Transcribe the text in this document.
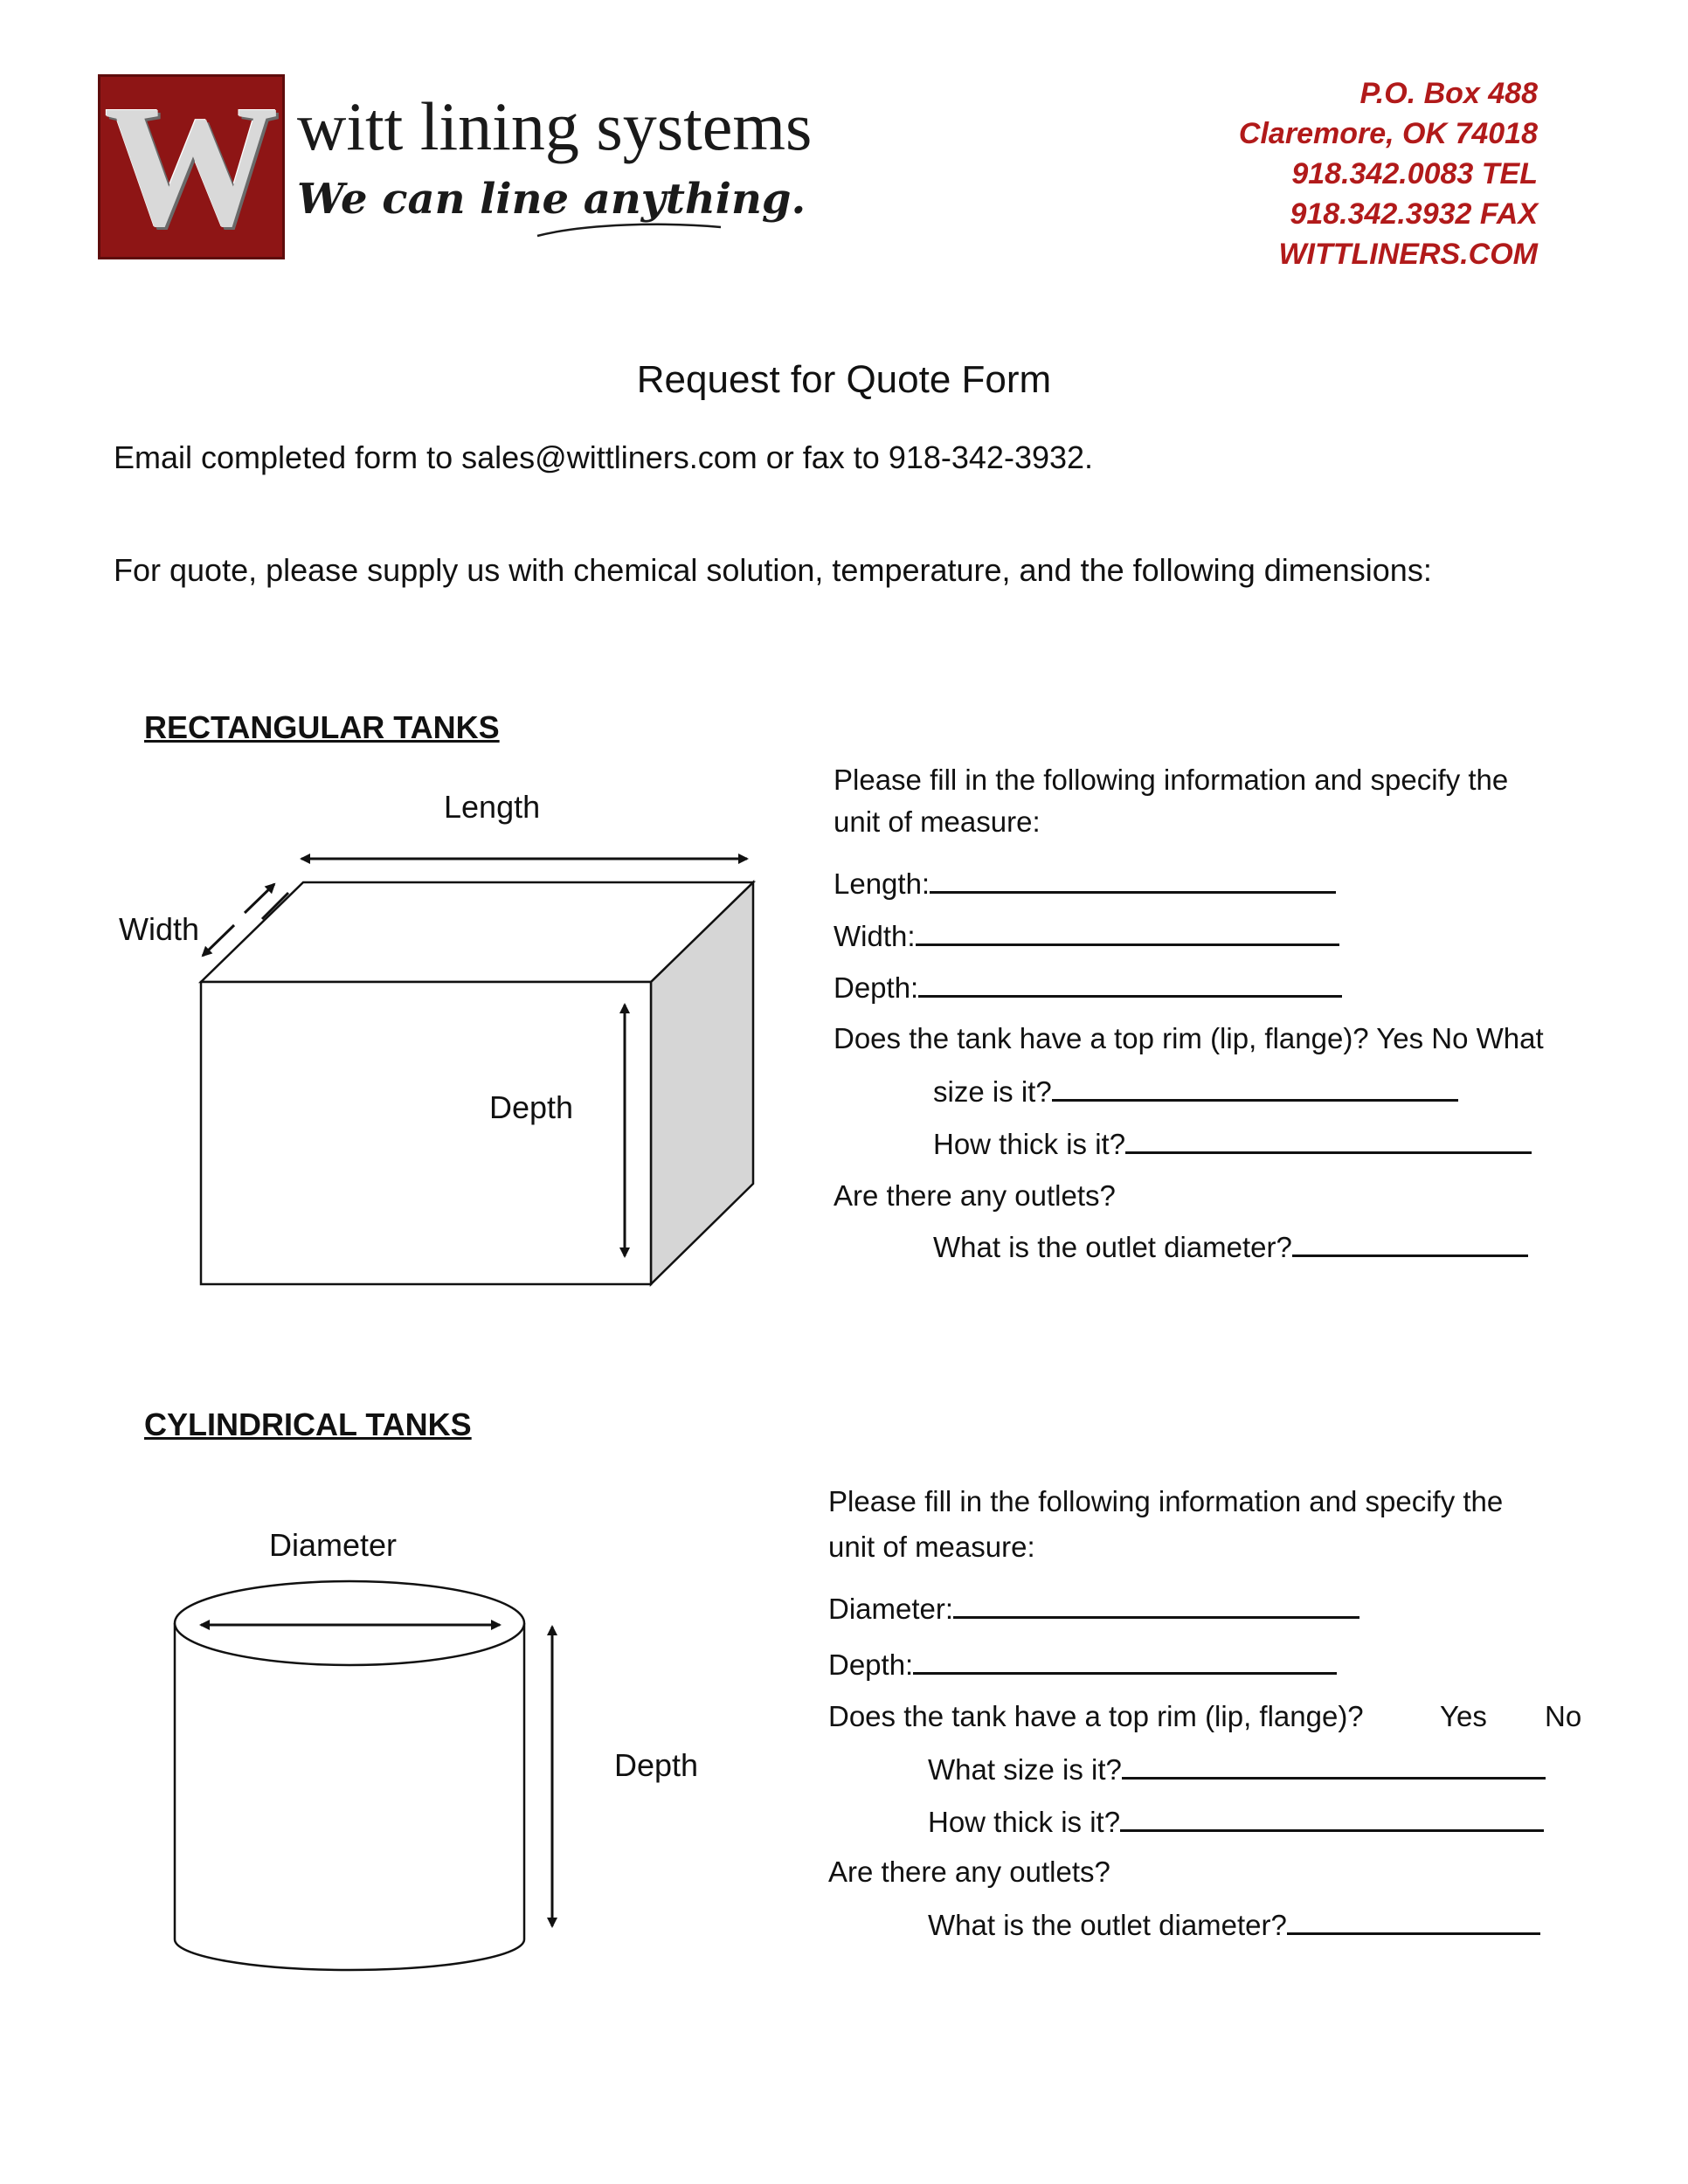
W witt lining systems
We can line anything.
P.O. Box 488
Claremore, OK 74018
918.342.0083 TEL
918.342.3932 FAX
WITTLINERS.COM
Request for Quote Form
Email completed form to sales@wittliners.com or fax to 918-342-3932.
For quote, please supply us with chemical solution, temperature, and the following dimensions:
RECTANGULAR TANKS
Length
Width
Depth
Please fill in the following information and specify the
unit of measure:
Length:
Width:
Depth:
Does the tank have a top rim (lip, flange)? Yes No What
size is it?
How thick is it?
Are there any outlets?
What is the outlet diameter?
CYLINDRICAL TANKS
Diameter
Depth
Please fill in the following information and specify the
unit of measure:
Diameter:
Depth:
Does the tank have a top rim (lip, flange)?	Yes No
What size is it?
How thick is it?
Are there any outlets?
What is the outlet diameter?
